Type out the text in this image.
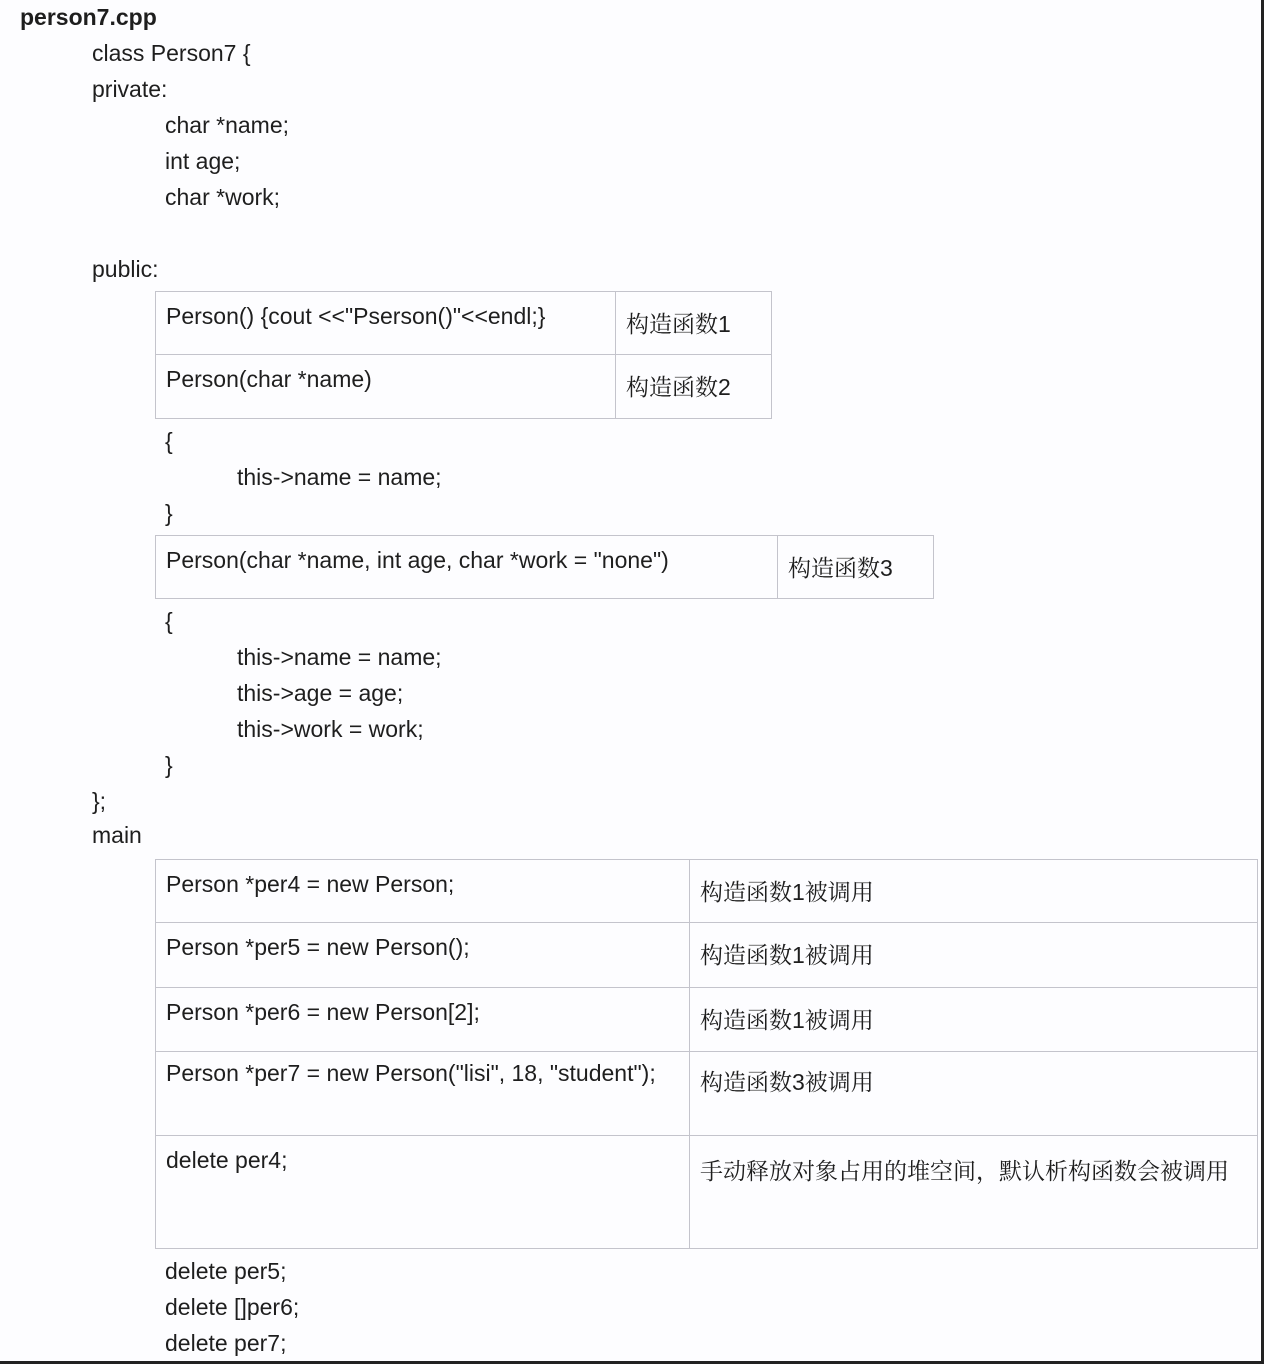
person7.cpp
class Person7 {
private:
char *name;
int age;
char *work;
public:
Person() {cout <<"Pserson()"<<endl;}	构造函数1
Person(char *name)	构造函数2
{
this->name = name;
}
Person(char *name, int age, char *work = "none")	构造函数3
{
this->name = name;
this->age = age;
this->work = work;
}
};
main
Person *per4 = new Person;	构造函数1被调用
Person *per5 = new Person();	构造函数1被调用
Person *per6 = new Person[2];	构造函数1被调用
Person *per7 = new Person("lisi", 18, "student");	构造函数3被调用
delete per4;	手动释放对象占用的堆空间，默认析构函数会被调用
delete per5;
delete []per6;
delete per7;
